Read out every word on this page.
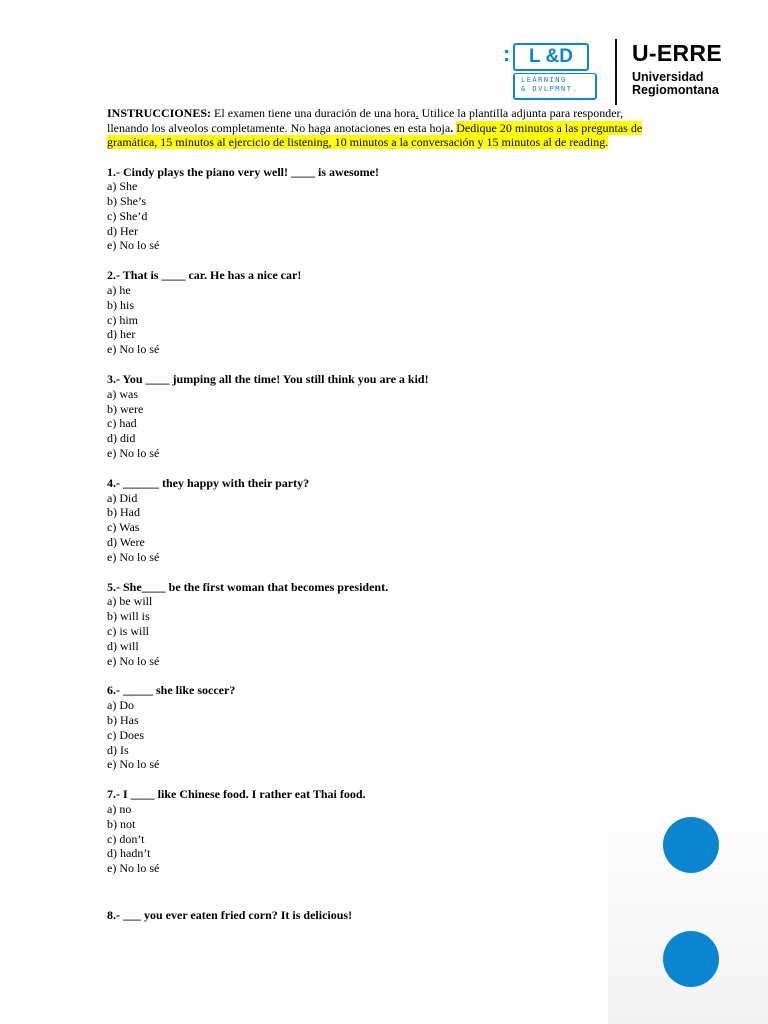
: L &D
LEARNING
& DVLPMNT.
U-ERRE
Universidad
Regiomontana

INSTRUCCIONES: El examen tiene una duración de una hora. Utilice la plantilla adjunta para responder, llenando los alveolos completamente. No haga anotaciones en esta hoja. Dedique 20 minutos a las preguntas de gramática, 15 minutos al ejercicio de listening, 10 minutos a la conversación y 15 minutos al de reading.

1.- Cindy plays the piano very well! ____ is awesome!
a) She
b) She’s
c) She’d
d) Her
e) No lo sé
2.- That is ____ car. He has a nice car!
a) he
b) his
c) him
d) her
e) No lo sé
3.- You ____ jumping all the time! You still think you are a kid!
a) was
b) were
c) had
d) did
e) No lo sé
4.- ______ they happy with their party?
a) Did
b) Had
c) Was
d) Were
e) No lo sé
5.- She____ be the first woman that becomes president.
a) be will
b) will is
c) is will
d) will
e) No lo sé
6.- _____ she like soccer?
a) Do
b) Has
c) Does
d) Is
e) No lo sé
7.- I ____ like Chinese food. I rather eat Thai food.
a) no
b) not
c) don’t
d) hadn’t
e) No lo sé
8.- ___ you ever eaten fried corn? It is delicious!
